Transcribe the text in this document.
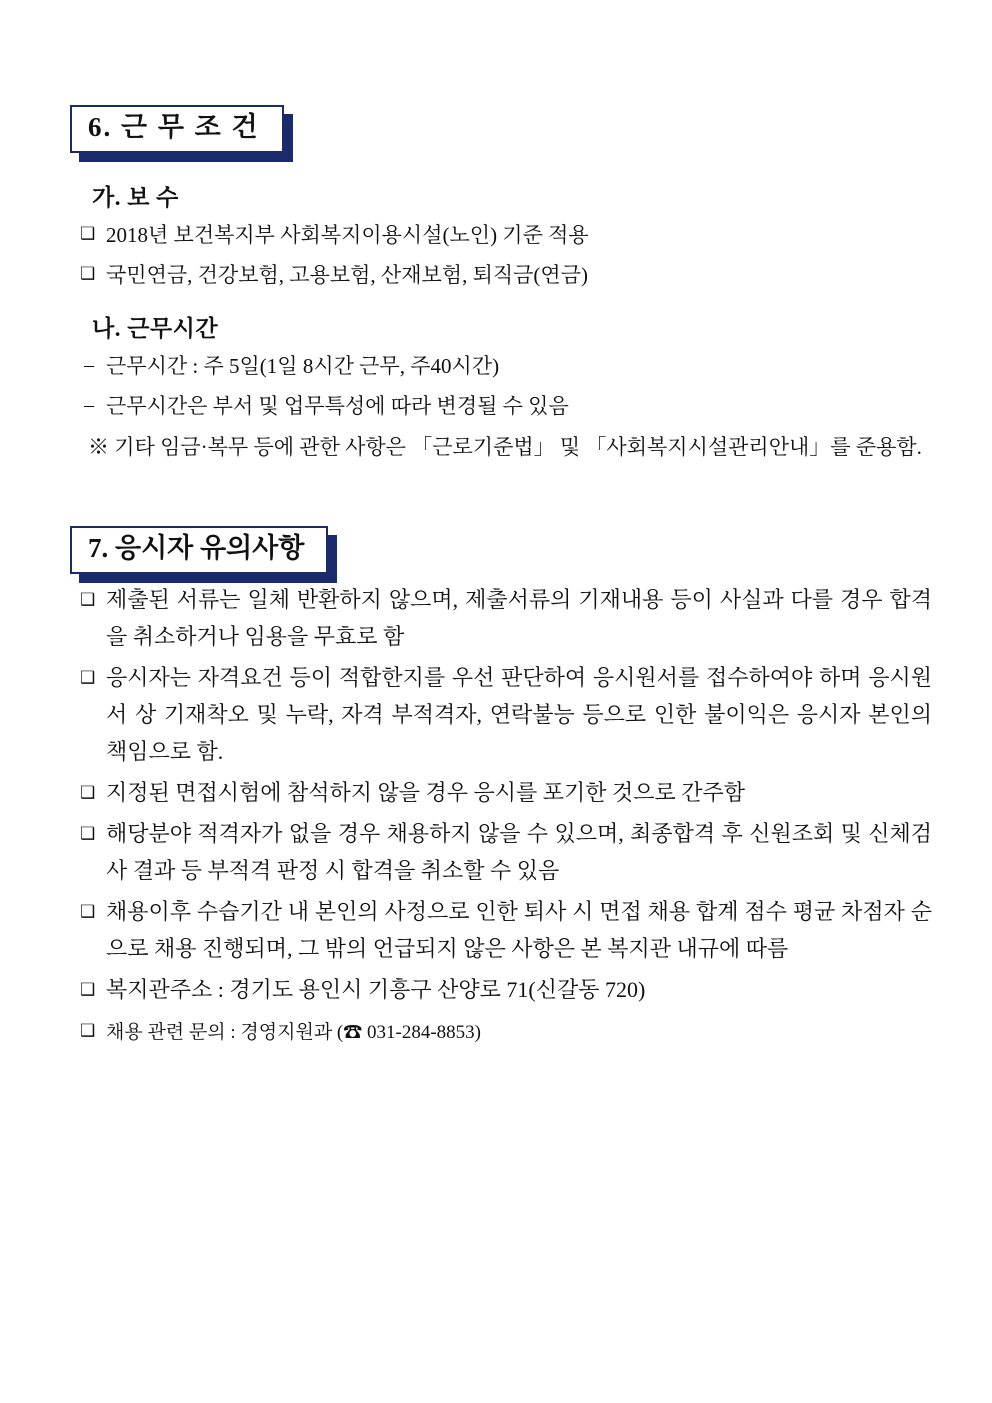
6. 근 무 조 건
가. 보 수
❑ 2018년 보건복지부 사회복지이용시설(노인) 기준 적용
❑ 국민연금, 건강보험, 고용보험, 산재보험, 퇴직금(연금)
나. 근무시간
– 근무시간 : 주 5일(1일 8시간 근무, 주40시간)
– 근무시간은 부서 및 업무특성에 따라 변경될 수 있음
※ 기타 임금·복무 등에 관한 사항은 「근로기준법」 및 「사회복지시설관리안내」를 준용함.
7. 응시자 유의사항
❑ 제출된 서류는 일체 반환하지 않으며, 제출서류의 기재내용 등이 사실과 다를 경우 합격을 취소하거나 임용을 무효로 함
❑ 응시자는 자격요건 등이 적합한지를 우선 판단하여 응시원서를 접수하여야 하며 응시원서 상 기재착오 및 누락, 자격 부적격자, 연락불능 등으로 인한 불이익은 응시자 본인의 책임으로 함.
❑ 지정된 면접시험에 참석하지 않을 경우 응시를 포기한 것으로 간주함
❑ 해당분야 적격자가 없을 경우 채용하지 않을 수 있으며, 최종합격 후 신원조회 및 신체검사 결과 등 부적격 판정 시 합격을 취소할 수 있음
❑ 채용이후 수습기간 내 본인의 사정으로 인한 퇴사 시 면접 채용 합계 점수 평균 차점자 순으로 채용 진행되며, 그 밖의 언급되지 않은 사항은 본 복지관 내규에 따름
❑ 복지관주소 : 경기도 용인시 기흥구 산양로 71(신갈동 720)
❑ 채용 관련 문의 : 경영지원과 (☎ 031-284-8853)
